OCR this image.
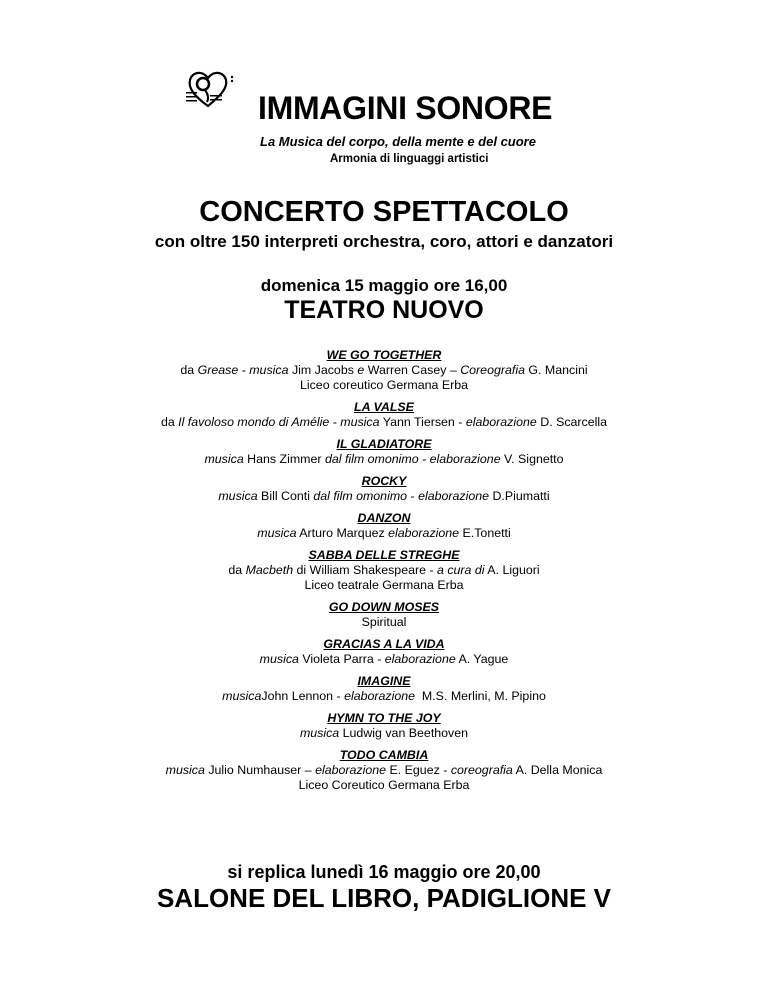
IMMAGINI SONORE
La Musica del corpo, della mente e del cuore
Armonia di linguaggi artistici
CONCERTO SPETTACOLO
con oltre 150 interpreti orchestra, coro, attori e danzatori
domenica 15 maggio ore 16,00
TEATRO NUOVO
WE GO TOGETHER
da Grease - musica Jim Jacobs e Warren Casey – Coreografia G. Mancini
Liceo coreutico Germana Erba
LA VALSE
da Il favoloso mondo di Amélie - musica Yann Tiersen - elaborazione D. Scarcella
IL GLADIATORE
musica Hans Zimmer dal film omonimo - elaborazione V. Signetto
ROCKY
musica Bill Conti dal film omonimo - elaborazione D.Piumatti
DANZON
musica Arturo Marquez elaborazione E.Tonetti
SABBA DELLE STREGHE
da Macbeth di William Shakespeare - a cura di A. Liguori
Liceo teatrale Germana Erba
GO DOWN MOSES
Spiritual
GRACIAS A LA VIDA
musica Violeta Parra - elaborazione A. Yague
IMAGINE
musicaJohn Lennon - elaborazione  M.S. Merlini, M. Pipino
HYMN TO THE JOY
musica Ludwig van Beethoven
TODO CAMBIA
musica Julio Numhauser – elaborazione E. Eguez - coreografia A. Della Monica
Liceo Coreutico Germana Erba
si replica lunedì 16 maggio ore 20,00
SALONE DEL LIBRO, PADIGLIONE V
